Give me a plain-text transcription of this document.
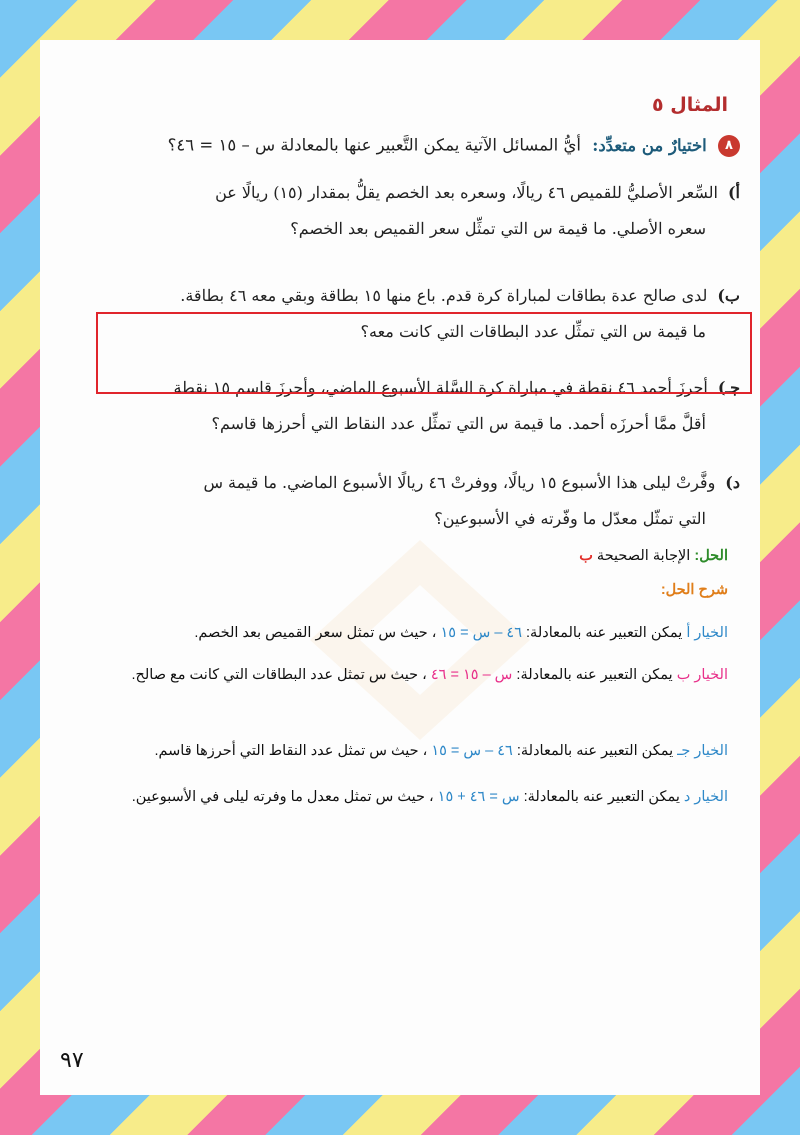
المثال ٥
٨ اختيارٌ من متعدِّد: أيُّ المسائل الآتية يمكن التَّعبير عنها بالمعادلة س – ١٥ = ٤٦؟
أ)السِّعر الأصليُّ للقميص ٤٦ ريالًا، وسعره بعد الخصم يقلُّ بمقدار (١٥) ريالًا عن
سعره الأصلي. ما قيمة س التي تمثِّل سعر القميص بعد الخصم؟
ب)لدى صالح عدة بطاقات لمباراة كرة قدم. باع منها ١٥ بطاقة وبقي معه ٤٦ بطاقة.
ما قيمة س التي تمثِّل عدد البطاقات التي كانت معه؟
جـ)أحرزَ أحمد ٤٦ نقطة في مباراة كرة السَّلة الأسبوع الماضي، وأحرزَ قاسم ١٥ نقطة
أقلَّ ممَّا أحرزَه أحمد. ما قيمة س التي تمثِّل عدد النقاط التي أحرزها قاسم؟
د)وفَّرتْ ليلى هذا الأسبوع ١٥ ريالًا، ووفرتْ ٤٦ ريالًا الأسبوع الماضي. ما قيمة س
التي تمثّل معدّل ما وفّرته في الأسبوعين؟
الحل: الإجابة الصحيحة ب
شرح الحل:
الخيار أ يمكن التعبير عنه بالمعادلة: ٤٦ – س = ١٥ ، حيث س تمثل سعر القميص بعد الخصم.
الخيار ب يمكن التعبير عنه بالمعادلة: س – ١٥ = ٤٦ ، حيث س تمثل عدد البطاقات التي كانت مع صالح.
الخيار جـ يمكن التعبير عنه بالمعادلة: ٤٦ – س = ١٥ ، حيث س تمثل عدد النقاط التي أحرزها قاسم.
الخيار د يمكن التعبير عنه بالمعادلة: س = ٤٦ + ١٥ ، حيث س تمثل معدل ما وفرته ليلى في الأسبوعين.
٩٧
